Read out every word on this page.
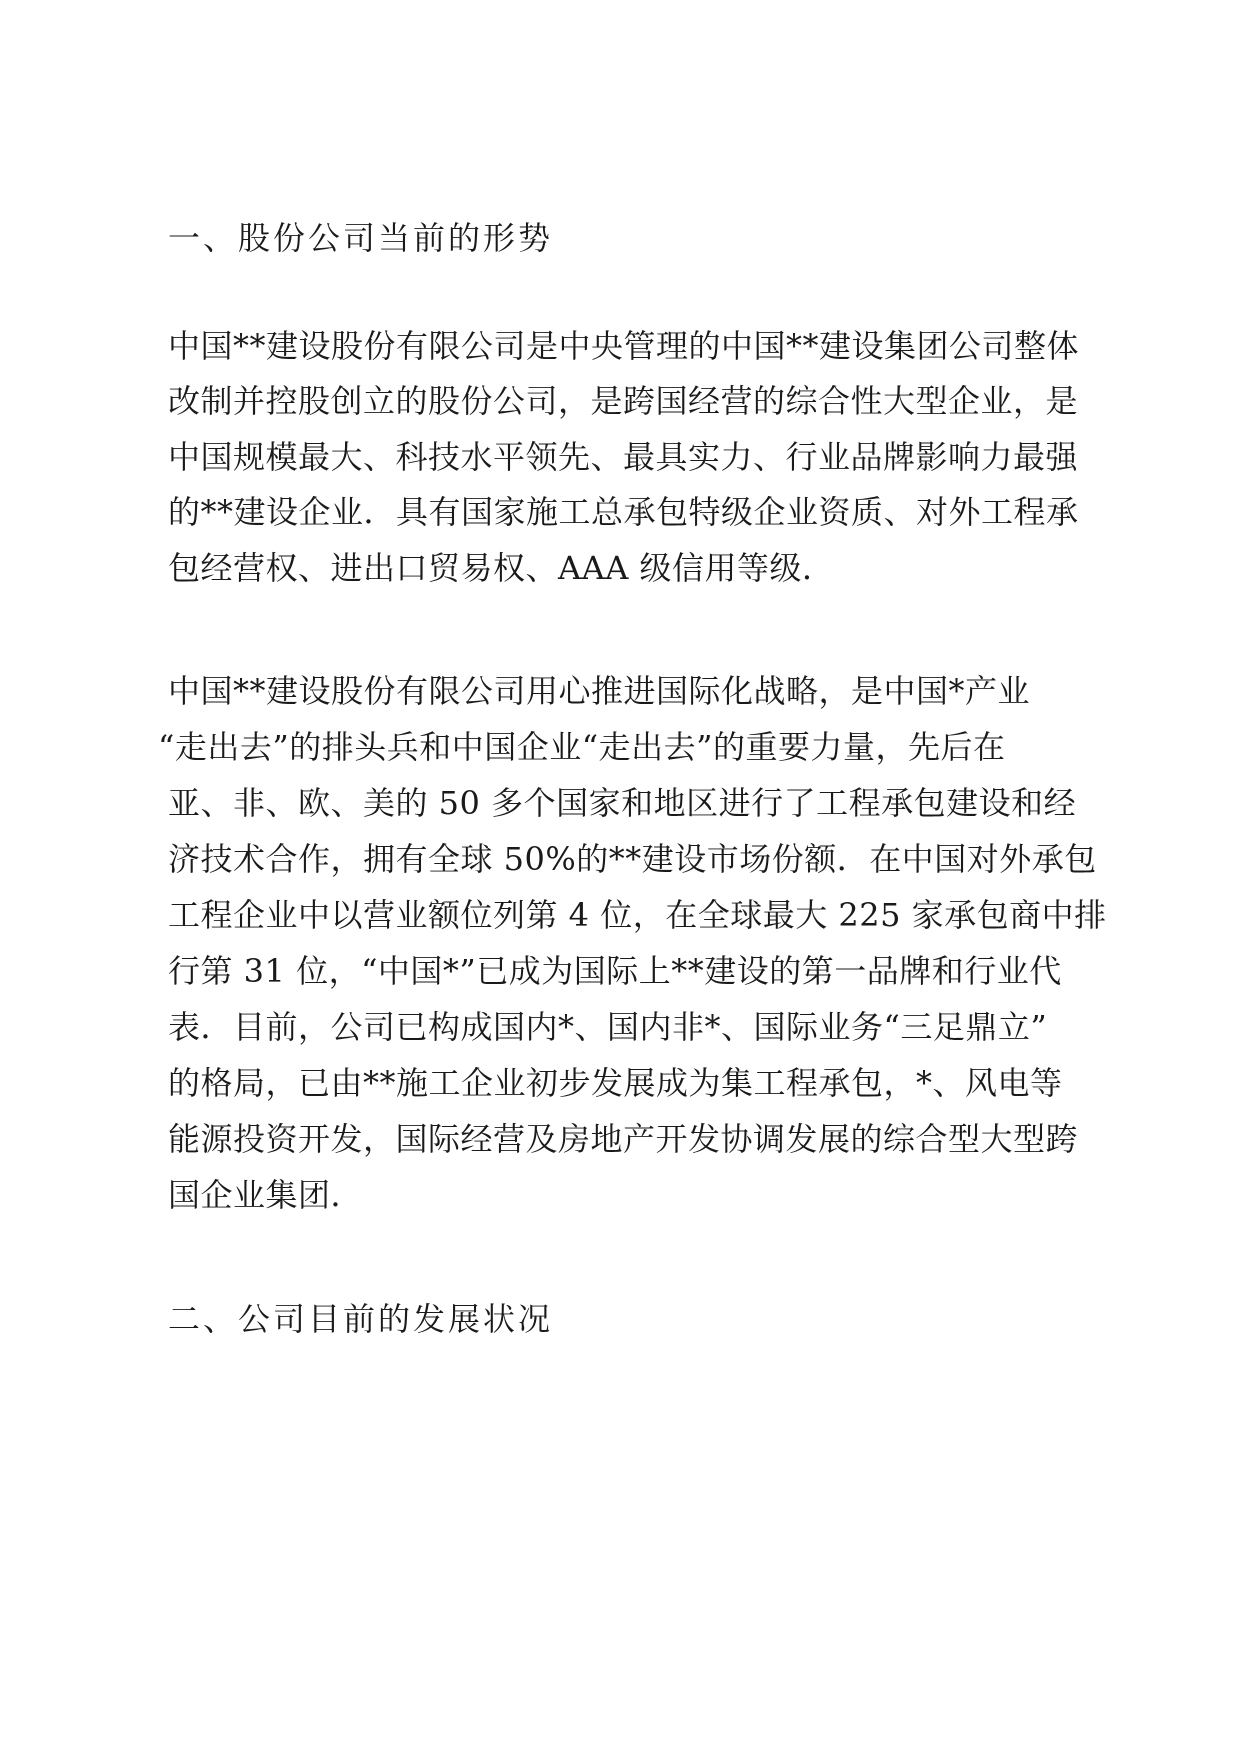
一、股份公司当前的形势
中国**建设股份有限公司是中央管理的中国**建设集团公司整体
改制并控股创立的股份公司，是跨国经营的综合性大型企业，是
中国规模最大、科技水平领先、最具实力、行业品牌影响力最强
的**建设企业．具有国家施工总承包特级企业资质、对外工程承
包经营权、进出口贸易权、AAA 级信用等级．
中国**建设股份有限公司用心推进国际化战略，是中国*产业
“走出去”的排头兵和中国企业“走出去”的重要力量，先后在
亚、非、欧、美的 50 多个国家和地区进行了工程承包建设和经
济技术合作，拥有全球 50%的**建设市场份额．在中国对外承包
工程企业中以营业额位列第 4 位，在全球最大 225 家承包商中排
行第 31 位，“中国*”已成为国际上**建设的第一品牌和行业代
表．目前，公司已构成国内*、国内非*、国际业务“三足鼎立”
的格局，已由**施工企业初步发展成为集工程承包，*、风电等
能源投资开发，国际经营及房地产开发协调发展的综合型大型跨
国企业集团．
二、公司目前的发展状况
